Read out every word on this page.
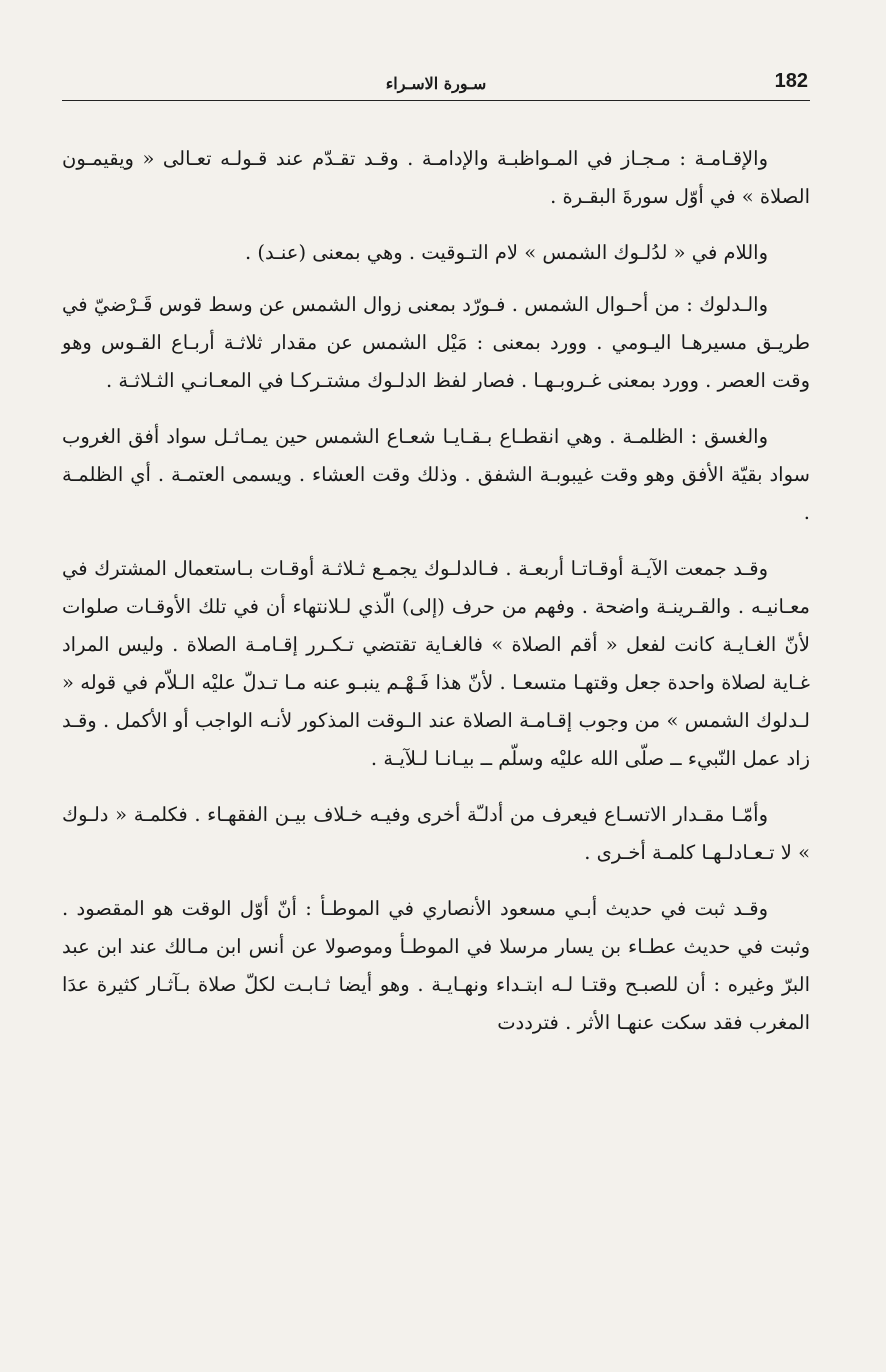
182
سـورة الاسـراء

والإقـامـة : مـجـاز في المـواظبـة والإدامـة . وقـد تقـدّم عند قـولـه تعـالى « ويقيمـون الصلاة » في أوّل سورةَ البقـرة .

واللام في « لدُلـوك الشمس » لام التـوقيت . وهي بمعنى (عنـد) .

والـدلوك : من أحـوال الشمس . فـورّد بمعنى زوال الشمس عن وسط قوس قَـرْضيّ في طريـق مسيرهـا اليـومي . وورد بمعنى : مَيْل الشمس عن مقدار ثلاثـة أربـاع القـوس وهو وقت العصر . وورد بمعنى غـروبـهـا . فصار لفظ الدلـوك مشتـركـا في المعـانـي الثـلاثـة .

والغسق : الظلمـة . وهي انقطـاع بـقـايـا شعـاع الشمس حين يمـاثـل سواد أفق الغروب سواد بقيّة الأفق وهو وقت غيبوبـة الشفق . وذلك وقت العشاء . ويسمى العتمـة . أي الظلمـة .

وقـد جمعت الآيـة أوقـاتـا أربعـة . فـالدلـوك يجمـع ثـلاثـة أوقـات بـاستعمال المشترك في معـانيـه . والقـرينـة واضحة . وفهم من حرف (إلى) الّذي لـلانتهاء أن في تلك الأوقـات صلوات لأنّ الغـايـة كانت لفعل « أقم الصلاة » فالغـاية تقتضي تـكـرر إقـامـة الصلاة . وليس المراد غـاية لصلاة واحدة جعل وقتهـا متسعـا . لأنّ هذا فَـهْـم ينبـو عنه مـا تـدلّ عليْه الـلاّم في قوله « لـدلوك الشمس » من وجوب إقـامـة الصلاة عند الـوقت المذكور لأنـه الواجب أو الأكمل . وقـد زاد عمل النّبيء ــ صلّى الله عليْه وسلّم ــ بيـانـا لـلآيـة .

وأمّـا مقـدار الاتسـاع فيعرف من أدلـّة أخرى وفيـه خـلاف بيـن الفقهـاء . فكلمـة « دلـوك » لا تـعـادلـهـا كلمـة أخـرى .

وقـد ثبت في حديث أبـي مسعود الأنصاري في الموطـأ : أنّ أوّل الوقت هو المقصود . وثبت في حديث عطـاء بن يسار مرسلا في الموطـأ وموصولا عن أنس ابن مـالك عند ابن عبد البرّ وغيره : أن للصبـح وقتـا لـه ابتـداء ونهـايـة . وهو أيضا ثـابـت لكلّ صلاة بـآثـار كثيرة عدَا المغرب فقد سكت عنهـا الأثر . فترددت
